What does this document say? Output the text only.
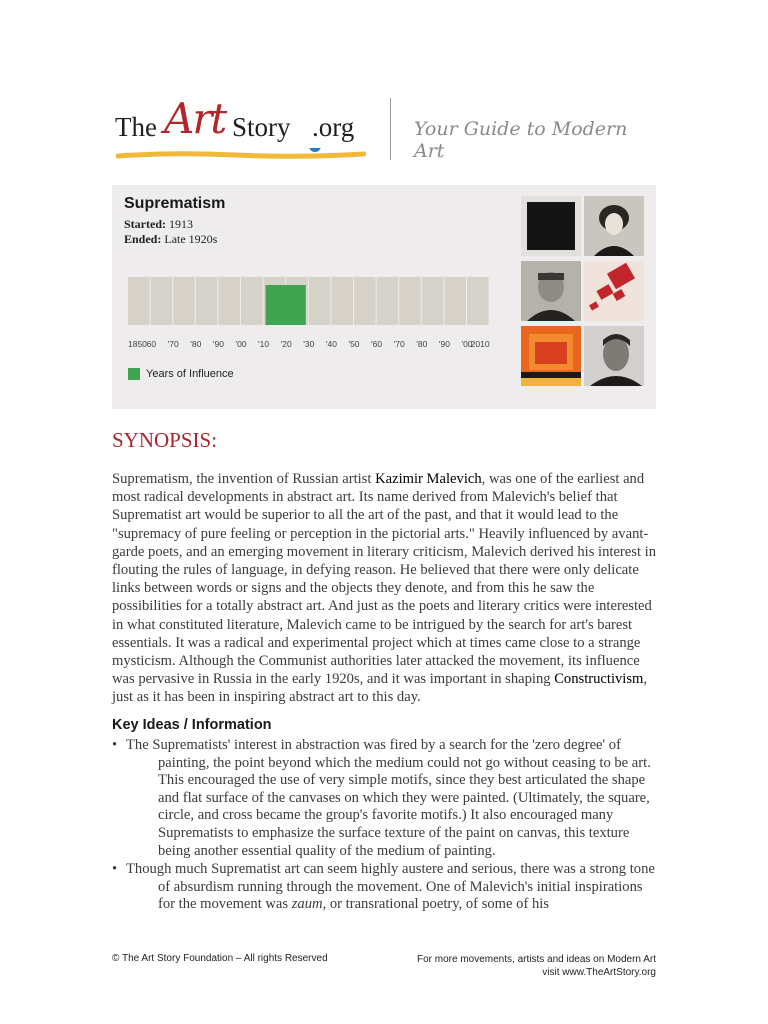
The Art Story .org	Your Guide to Modern Art
Suprematism
Started: 1913
Ended: Late 1920s
1850
'60 '70 '80 '90 '00 '10 '20 '30 '40 '50 '60 '70 '80 '90 '00
2010
Years of Influence
SYNOPSIS:
Suprematism, the invention of Russian artist Kazimir Malevich, was one of the earliest and most radical developments in abstract art. Its name derived from Malevich's belief that Suprematist art would be superior to all the art of the past, and that it would lead to the "supremacy of pure feeling or perception in the pictorial arts." Heavily influenced by avant-garde poets, and an emerging movement in literary criticism, Malevich derived his interest in flouting the rules of language, in defying reason. He believed that there were only delicate links between words or signs and the objects they denote, and from this he saw the possibilities for a totally abstract art. And just as the poets and literary critics were interested in what constituted literature, Malevich came to be intrigued by the search for art's barest essentials. It was a radical and experimental project which at times came close to a strange mysticism. Although the Communist authorities later attacked the movement, its influence was pervasive in Russia in the early 1920s, and it was important in shaping Constructivism, just as it has been in inspiring abstract art to this day.
Key Ideas / Information
• The Suprematists' interest in abstraction was fired by a search for the 'zero degree' of painting, the point beyond which the medium could not go without ceasing to be art. This encouraged the use of very simple motifs, since they best articulated the shape and flat surface of the canvases on which they were painted. (Ultimately, the square, circle, and cross became the group's favorite motifs.) It also encouraged many Suprematists to emphasize the surface texture of the paint on canvas, this texture being another essential quality of the medium of painting.
• Though much Suprematist art can seem highly austere and serious, there was a strong tone of absurdism running through the movement. One of Malevich's initial inspirations for the movement was zaum, or transrational poetry, of some of his
© The Art Story Foundation – All rights Reserved	For more movements, artists and ideas on Modern Art
visit www.TheArtStory.org
